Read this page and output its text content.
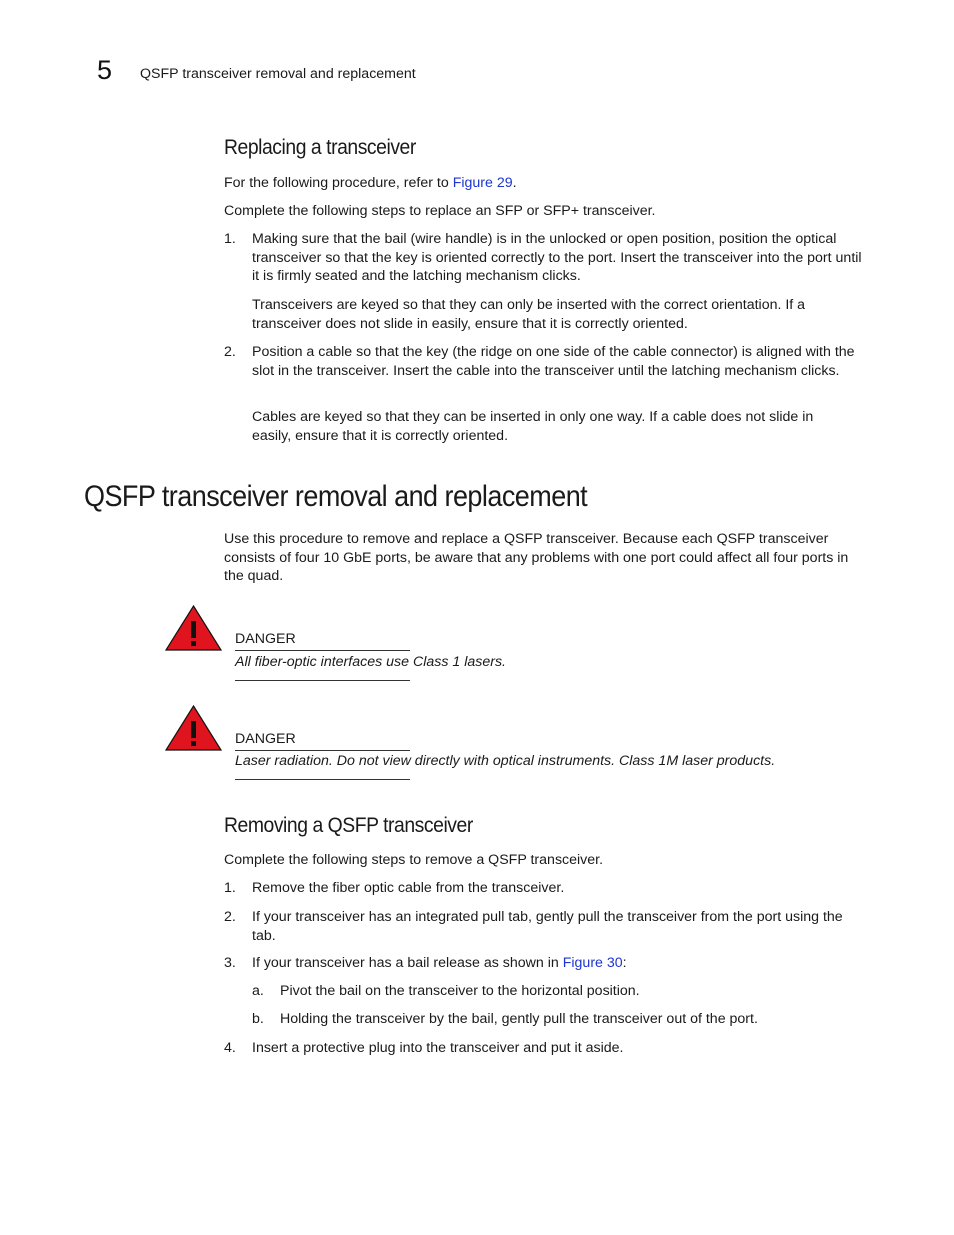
5 QSFP transceiver removal and replacement
Replacing a transceiver

For the following procedure, refer to Figure 29.

Complete the following steps to replace an SFP or SFP+ transceiver.

1. Making sure that the bail (wire handle) is in the unlocked or open position, position the optical transceiver so that the key is oriented correctly to the port. Insert the transceiver into the port until it is firmly seated and the latching mechanism clicks.
Transceivers are keyed so that they can only be inserted with the correct orientation. If a transceiver does not slide in easily, ensure that it is correctly oriented.
2. Position a cable so that the key (the ridge on one side of the cable connector) is aligned with the slot in the transceiver. Insert the cable into the transceiver until the latching mechanism clicks.
Cables are keyed so that they can be inserted in only one way. If a cable does not slide in easily, ensure that it is correctly oriented.
QSFP transceiver removal and replacement

Use this procedure to remove and replace a QSFP transceiver. Because each QSFP transceiver consists of four 10 GbE ports, be aware that any problems with one port could affect all four ports in the quad.

DANGER
All fiber-optic interfaces use Class 1 lasers.
DANGER
Laser radiation. Do not view directly with optical instruments. Class 1M laser products.
Removing a QSFP transceiver

Complete the following steps to remove a QSFP transceiver.

1. Remove the fiber optic cable from the transceiver.
2. If your transceiver has an integrated pull tab, gently pull the transceiver from the port using the tab.
3. If your transceiver has a bail release as shown in Figure 30:
a. Pivot the bail on the transceiver to the horizontal position.
b. Holding the transceiver by the bail, gently pull the transceiver out of the port.
4. Insert a protective plug into the transceiver and put it aside.
